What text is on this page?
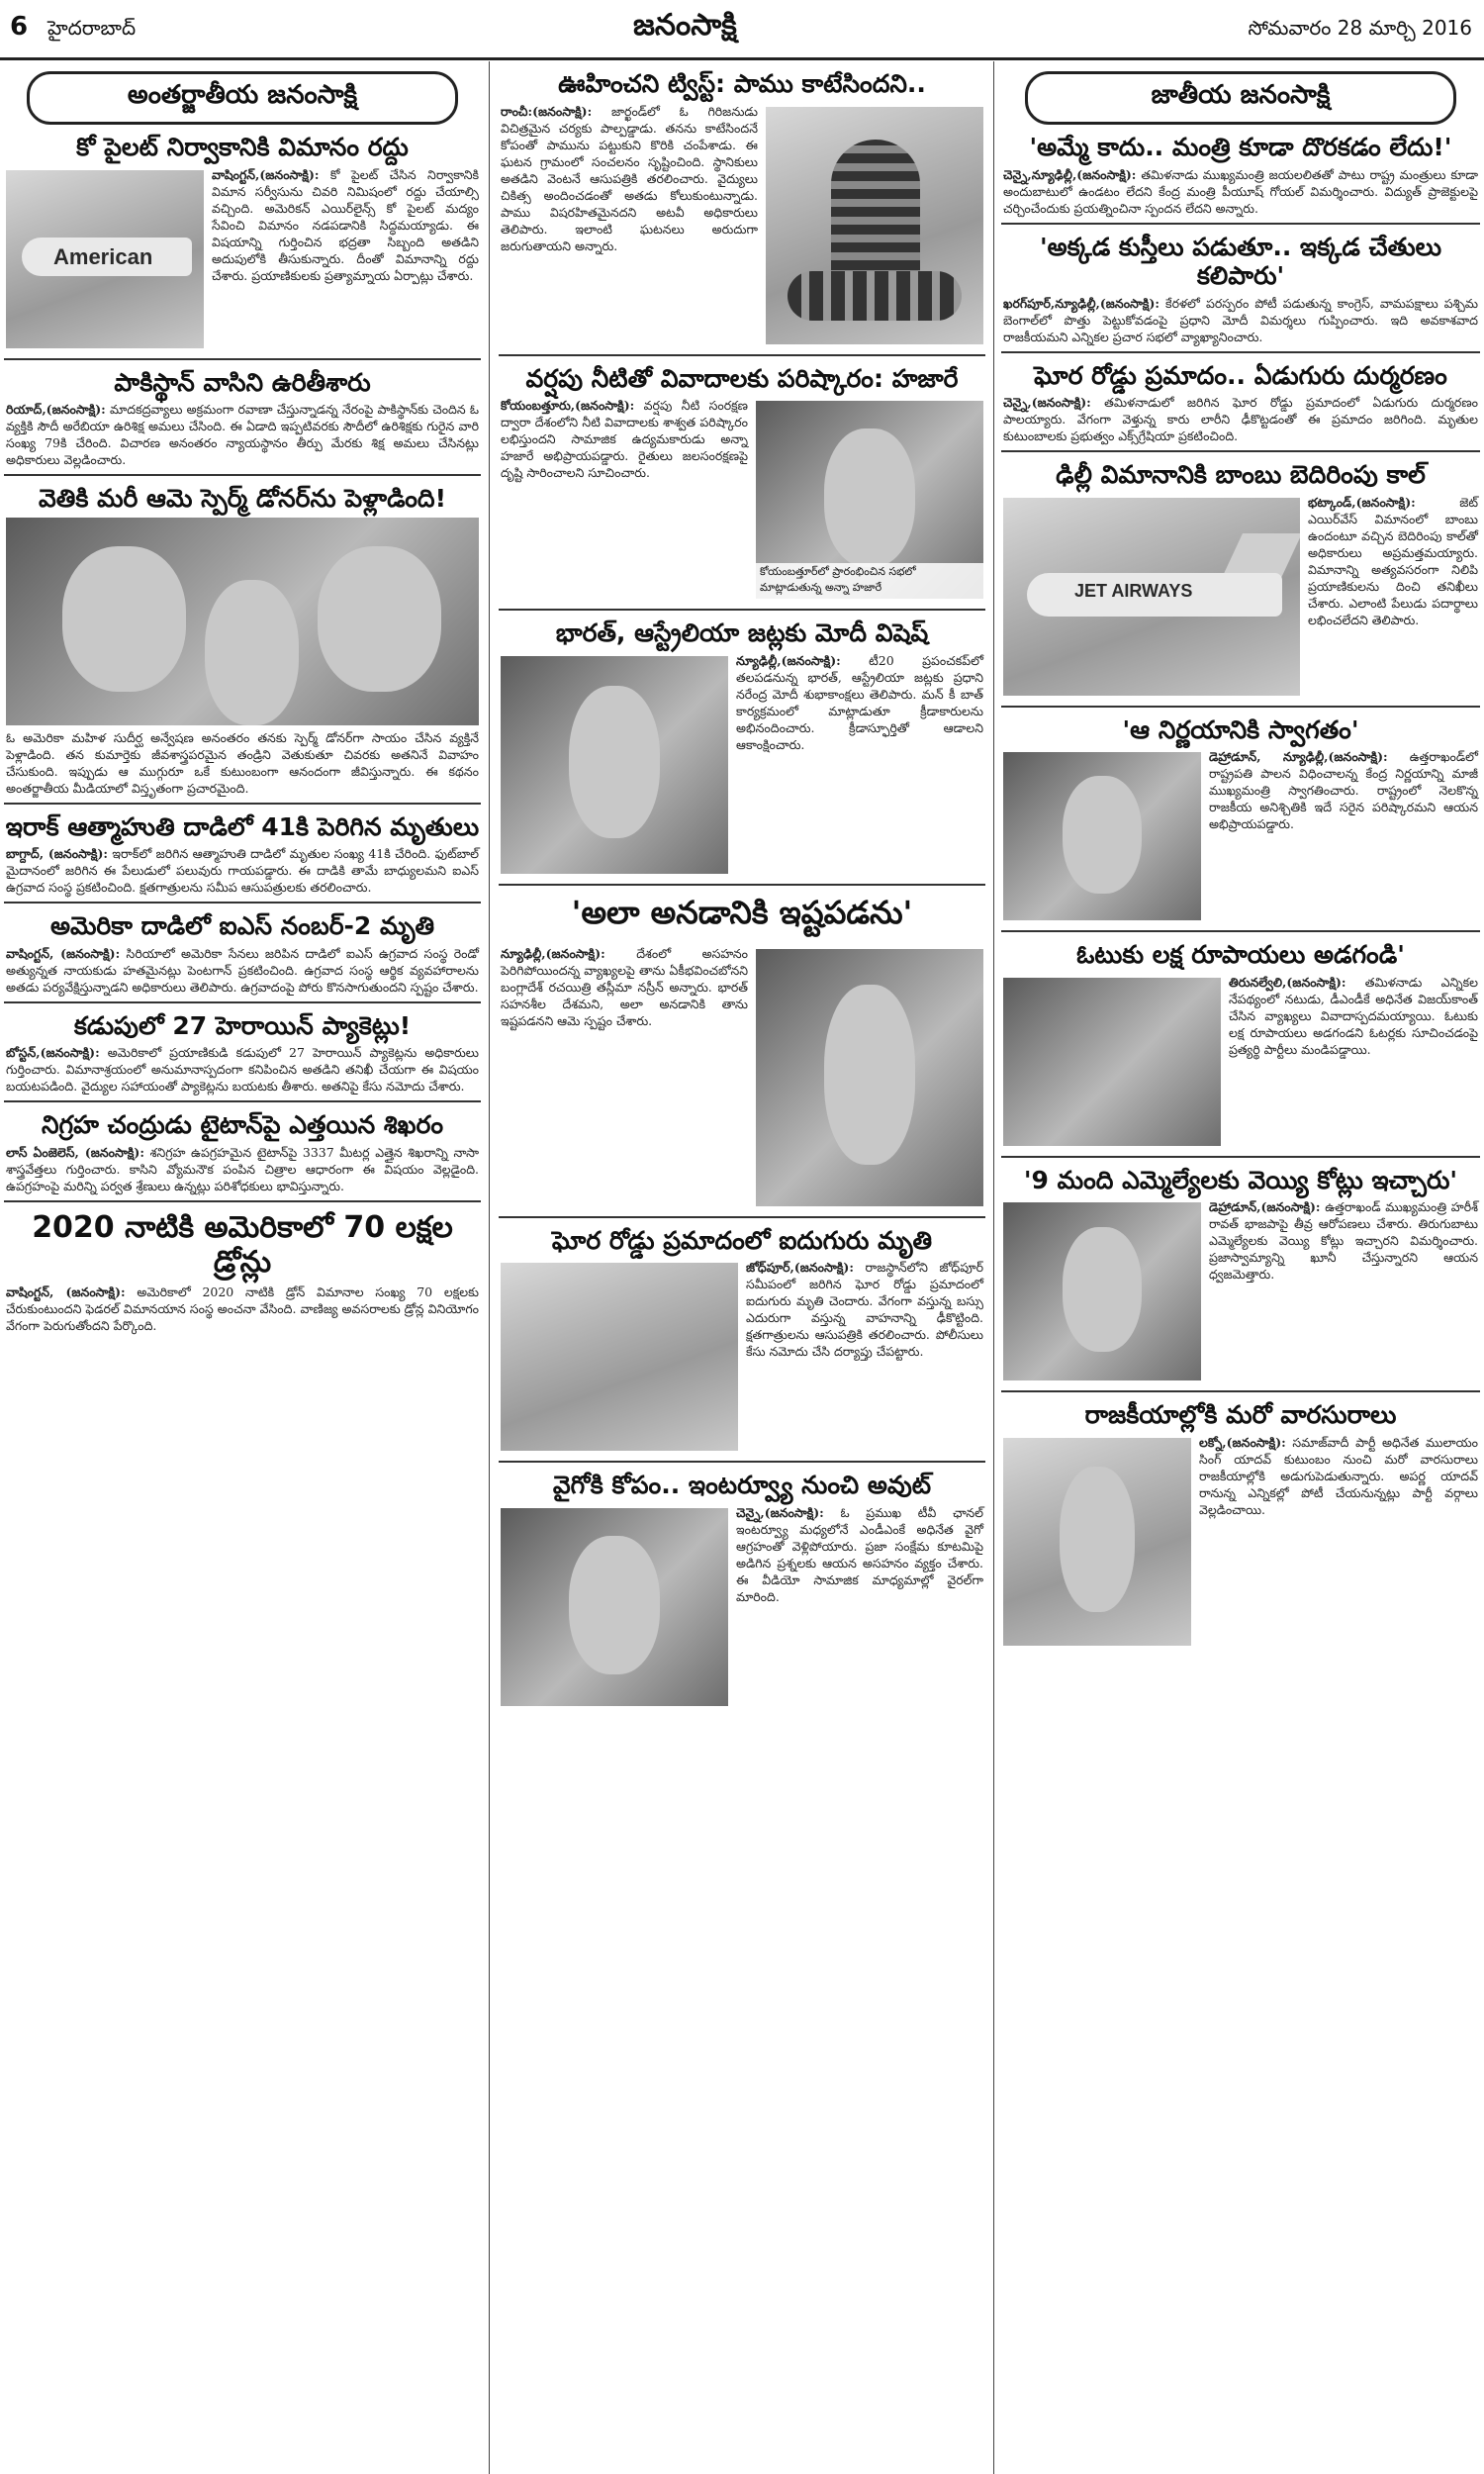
6 హైదరాబాద్	జనంసాక్షి	సోమవారం 28 మార్చి 2016
అంతర్జాతీయ జనంసాక్షి
కో పైలట్ నిర్వాకానికి విమానం రద్దు
American

వాషింగ్టన్,(జనంసాక్షి): కో పైలట్ చేసిన నిర్వాకానికి విమాన సర్వీసును చివరి నిమిషంలో రద్దు చేయాల్సి వచ్చింది. అమెరికన్ ఎయిర్‌లైన్స్ కో పైలట్ మద్యం సేవించి విమానం నడపడానికి సిద్ధమయ్యాడు. ఈ విషయాన్ని గుర్తించిన భద్రతా సిబ్బంది అతడిని అదుపులోకి తీసుకున్నారు. దీంతో విమానాన్ని రద్దు చేశారు. ప్రయాణికులకు ప్రత్యామ్నాయ ఏర్పాట్లు చేశారు.

పాకిస్థాన్ వాసిని ఉరితీశారు

రియాద్,(జనంసాక్షి): మాదకద్రవ్యాలు అక్రమంగా రవాణా చేస్తున్నాడన్న నేరంపై పాకిస్థాన్‌కు చెందిన ఓ వ్యక్తికి సౌదీ అరేబియా ఉరిశిక్ష అమలు చేసింది. ఈ ఏడాది ఇప్పటివరకు సౌదీలో ఉరిశిక్షకు గురైన వారి సంఖ్య 79కి చేరింది. విచారణ అనంతరం న్యాయస్థానం తీర్పు మేరకు శిక్ష అమలు చేసినట్లు అధికారులు వెల్లడించారు.

వెతికి మరీ ఆమె స్పెర్మ్ డోనర్‌ను పెళ్లాడింది!

ఓ అమెరికా మహిళ సుదీర్ఘ అన్వేషణ అనంతరం తనకు స్పెర్మ్ డోనర్‌గా సాయం చేసిన వ్యక్తినే పెళ్లాడింది. తన కుమార్తెకు జీవశాస్త్రపరమైన తండ్రిని వెతుకుతూ చివరకు అతనినే వివాహం చేసుకుంది. ఇప్పుడు ఆ ముగ్గురూ ఒకే కుటుంబంగా ఆనందంగా జీవిస్తున్నారు. ఈ కథనం అంతర్జాతీయ మీడియాలో విస్తృతంగా ప్రచారమైంది.

ఇరాక్ ఆత్మాహుతి దాడిలో 41కి పెరిగిన మృతులు

బాగ్దాద్, (జనంసాక్షి): ఇరాక్‌లో జరిగిన ఆత్మాహుతి దాడిలో మృతుల సంఖ్య 41కి చేరింది. ఫుట్‌బాల్ మైదానంలో జరిగిన ఈ పేలుడులో పలువురు గాయపడ్డారు. ఈ దాడికి తామే బాధ్యులమని ఐఎస్ ఉగ్రవాద సంస్థ ప్రకటించింది. క్షతగాత్రులను సమీప ఆసుపత్రులకు తరలించారు.

అమెరికా దాడిలో ఐఎస్ నంబర్-2 మృతి

వాషింగ్టన్, (జనంసాక్షి): సిరియాలో అమెరికా సేనలు జరిపిన దాడిలో ఐఎస్ ఉగ్రవాద సంస్థ రెండో అత్యున్నత నాయకుడు హతమైనట్లు పెంటగాన్ ప్రకటించింది. ఉగ్రవాద సంస్థ ఆర్థిక వ్యవహారాలను అతడు పర్యవేక్షిస్తున్నాడని అధికారులు తెలిపారు. ఉగ్రవాదంపై పోరు కొనసాగుతుందని స్పష్టం చేశారు.

కడుపులో 27 హెరాయిన్ ప్యాకెట్లు!

బోస్టన్,(జనంసాక్షి): అమెరికాలో ప్రయాణికుడి కడుపులో 27 హెరాయిన్ ప్యాకెట్లను అధికారులు గుర్తించారు. విమానాశ్రయంలో అనుమానాస్పదంగా కనిపించిన అతడిని తనిఖీ చేయగా ఈ విషయం బయటపడింది. వైద్యుల సహాయంతో ప్యాకెట్లను బయటకు తీశారు. అతనిపై కేసు నమోదు చేశారు.

నిగ్రహ చంద్రుడు టైటాన్‌పై ఎత్తయిన శిఖరం

లాస్ ఏంజెలెస్, (జనంసాక్షి): శనిగ్రహ ఉపగ్రహమైన టైటాన్‌పై 3337 మీటర్ల ఎత్తైన శిఖరాన్ని నాసా శాస్త్రవేత్తలు గుర్తించారు. కాసిని వ్యోమనౌక పంపిన చిత్రాల ఆధారంగా ఈ విషయం వెల్లడైంది. ఉపగ్రహంపై మరిన్ని పర్వత శ్రేణులు ఉన్నట్లు పరిశోధకులు భావిస్తున్నారు.

2020 నాటికి అమెరికాలో 70 లక్షల డ్రోన్లు

వాషింగ్టన్, (జనంసాక్షి): అమెరికాలో 2020 నాటికి డ్రోన్ విమానాల సంఖ్య 70 లక్షలకు చేరుకుంటుందని ఫెడరల్ విమానయాన సంస్థ అంచనా వేసింది. వాణిజ్య అవసరాలకు డ్రోన్ల వినియోగం వేగంగా పెరుగుతోందని పేర్కొంది.

ఊహించని ట్విస్ట్: పాము కాటేసిందని..

రాంచీ:(జనంసాక్షి): జార్ఖండ్‌లో ఓ గిరిజనుడు విచిత్రమైన చర్యకు పాల్పడ్డాడు. తనను కాటేసిందనే కోపంతో పామును పట్టుకుని కొరికి చంపేశాడు. ఈ ఘటన గ్రామంలో సంచలనం సృష్టించింది. స్థానికులు అతడిని వెంటనే ఆసుపత్రికి తరలించారు. వైద్యులు చికిత్స అందించడంతో అతడు కోలుకుంటున్నాడు. పాము విషరహితమైనదని అటవీ అధికారులు తెలిపారు. ఇలాంటి ఘటనలు అరుదుగా జరుగుతాయని అన్నారు.

వర్షపు నీటితో వివాదాలకు పరిష్కారం: హజారే
కోయంబత్తూర్‌లో ప్రారంభించిన సభలో మాట్లాడుతున్న అన్నా హజారే

కోయంబత్తూరు,(జనంసాక్షి): వర్షపు నీటి సంరక్షణ ద్వారా దేశంలోని నీటి వివాదాలకు శాశ్వత పరిష్కారం లభిస్తుందని సామాజిక ఉద్యమకారుడు అన్నా హజారే అభిప్రాయపడ్డారు. రైతులు జలసంరక్షణపై దృష్టి సారించాలని సూచించారు.

భారత్, ఆస్ట్రేలియా జట్లకు మోదీ విషెష్

న్యూఢిల్లీ,(జనంసాక్షి): టీ20 ప్రపంచకప్‌లో తలపడనున్న భారత్, ఆస్ట్రేలియా జట్లకు ప్రధాని నరేంద్ర మోదీ శుభాకాంక్షలు తెలిపారు. మన్ కీ బాత్ కార్యక్రమంలో మాట్లాడుతూ క్రీడాకారులను అభినందించారు. క్రీడాస్ఫూర్తితో ఆడాలని ఆకాంక్షించారు.

'అలా అనడానికి ఇష్టపడను'

న్యూఢిల్లీ,(జనంసాక్షి):	దేశంలో అసహనం పెరిగిపోయిందన్న వ్యాఖ్యలపై తాను ఏకీభవించబోనని బంగ్లాదేశ్ రచయిత్రి తస్లీమా నస్రీన్ అన్నారు. భారత్ సహనశీల దేశమని, అలా అనడానికి తాను ఇష్టపడనని ఆమె స్పష్టం చేశారు.

ఘోర రోడ్డు ప్రమాదంలో ఐదుగురు మృతి

జోధ్‌పూర్,(జనంసాక్షి): రాజస్థాన్‌లోని జోధ్‌పూర్ సమీపంలో జరిగిన ఘోర రోడ్డు ప్రమాదంలో ఐదుగురు మృతి చెందారు. వేగంగా వస్తున్న బస్సు ఎదురుగా వస్తున్న వాహనాన్ని ఢీకొట్టింది. క్షతగాత్రులను ఆసుపత్రికి తరలించారు. పోలీసులు కేసు నమోదు చేసి దర్యాప్తు చేపట్టారు.

వైగోకి కోపం.. ఇంటర్వ్యూ నుంచి అవుట్

చెన్నై,(జనంసాక్షి): ఓ ప్రముఖ టీవీ ఛానల్ ఇంటర్వ్యూ మధ్యలోనే ఎండీఎంకే అధినేత వైగో ఆగ్రహంతో వెళ్లిపోయారు. ప్రజా సంక్షేమ కూటమిపై అడిగిన ప్రశ్నలకు ఆయన అసహనం వ్యక్తం చేశారు. ఈ వీడియో సామాజిక మాధ్యమాల్లో వైరల్‌గా మారింది.

జాతీయ జనంసాక్షి
'అమ్మే కాదు.. మంత్రి కూడా దొరకడం లేదు!'

చెన్నై,న్యూఢిల్లీ,(జనంసాక్షి): తమిళనాడు ముఖ్యమంత్రి జయలలితతో పాటు రాష్ట్ర మంత్రులు కూడా అందుబాటులో ఉండటం లేదని కేంద్ర మంత్రి పీయూష్ గోయల్ విమర్శించారు. విద్యుత్ ప్రాజెక్టులపై చర్చించేందుకు ప్రయత్నించినా స్పందన లేదని అన్నారు.

'అక్కడ కుస్తీలు పడుతూ.. ఇక్కడ చేతులు కలిపారు'

ఖరగ్‌పూర్,న్యూఢిల్లీ,(జనంసాక్షి): కేరళలో పరస్పరం పోటీ పడుతున్న కాంగ్రెస్, వామపక్షాలు పశ్చిమ బెంగాల్‌లో పొత్తు పెట్టుకోవడంపై ప్రధాని మోదీ విమర్శలు గుప్పించారు. ఇది అవకాశవాద రాజకీయమని ఎన్నికల ప్రచార సభలో వ్యాఖ్యానించారు.

ఘోర రోడ్డు ప్రమాదం.. ఏడుగురు దుర్మరణం

చెన్నై,(జనంసాక్షి): తమిళనాడులో జరిగిన ఘోర రోడ్డు ప్రమాదంలో ఏడుగురు దుర్మరణం పాలయ్యారు. వేగంగా వెళ్తున్న కారు లారీని ఢీకొట్టడంతో ఈ ప్రమాదం జరిగింది. మృతుల కుటుంబాలకు ప్రభుత్వం ఎక్స్‌గ్రేషియా ప్రకటించింది.

ఢిల్లీ విమానానికి బాంబు బెదిరింపు కాల్
JET AIRWAYS

భట్కాండ్,(జనంసాక్షి):	జెట్ ఎయిర్‌వేస్ విమానంలో బాంబు ఉందంటూ వచ్చిన బెదిరింపు కాల్‌తో అధికారులు అప్రమత్తమయ్యారు. విమానాన్ని అత్యవసరంగా నిలిపి ప్రయాణికులను దించి తనిఖీలు చేశారు. ఎలాంటి పేలుడు పదార్థాలు లభించలేదని తెలిపారు.

'ఆ నిర్ణయానికి స్వాగతం'

డెహ్రాడూన్, న్యూఢిల్లీ,(జనంసాక్షి): ఉత్తరాఖండ్‌లో రాష్ట్రపతి పాలన విధించాలన్న కేంద్ర నిర్ణయాన్ని మాజీ ముఖ్యమంత్రి స్వాగతించారు. రాష్ట్రంలో నెలకొన్న రాజకీయ అనిశ్చితికి ఇదే సరైన పరిష్కారమని ఆయన అభిప్రాయపడ్డారు.

ఓటుకు లక్ష రూపాయలు అడగండి'

తిరునల్వేలి,(జనంసాక్షి): తమిళనాడు ఎన్నికల నేపథ్యంలో నటుడు, డీఎండీకే అధినేత విజయ్‌కాంత్ చేసిన వ్యాఖ్యలు వివాదాస్పదమయ్యాయి. ఓటుకు లక్ష రూపాయలు అడగండని ఓటర్లకు సూచించడంపై ప్రత్యర్థి పార్టీలు మండిపడ్డాయి.

'9 మంది ఎమ్మెల్యేలకు వెయ్యి కోట్లు ఇచ్చారు'

డెహ్రాడూన్,(జనంసాక్షి): ఉత్తరాఖండ్ ముఖ్యమంత్రి హరీశ్ రావత్ భాజపాపై తీవ్ర ఆరోపణలు చేశారు. తిరుగుబాటు ఎమ్మెల్యేలకు వెయ్యి కోట్లు ఇచ్చారని విమర్శించారు. ప్రజాస్వామ్యాన్ని ఖూనీ చేస్తున్నారని ఆయన ధ్వజమెత్తారు.

రాజకీయాల్లోకి మరో వారసురాలు

లక్నో,(జనంసాక్షి): సమాజ్‌వాదీ పార్టీ అధినేత ములాయం సింగ్ యాదవ్ కుటుంబం నుంచి మరో వారసురాలు రాజకీయాల్లోకి అడుగుపెడుతున్నారు. అపర్ణ యాదవ్ రానున్న ఎన్నికల్లో పోటీ చేయనున్నట్లు పార్టీ వర్గాలు వెల్లడించాయి.
